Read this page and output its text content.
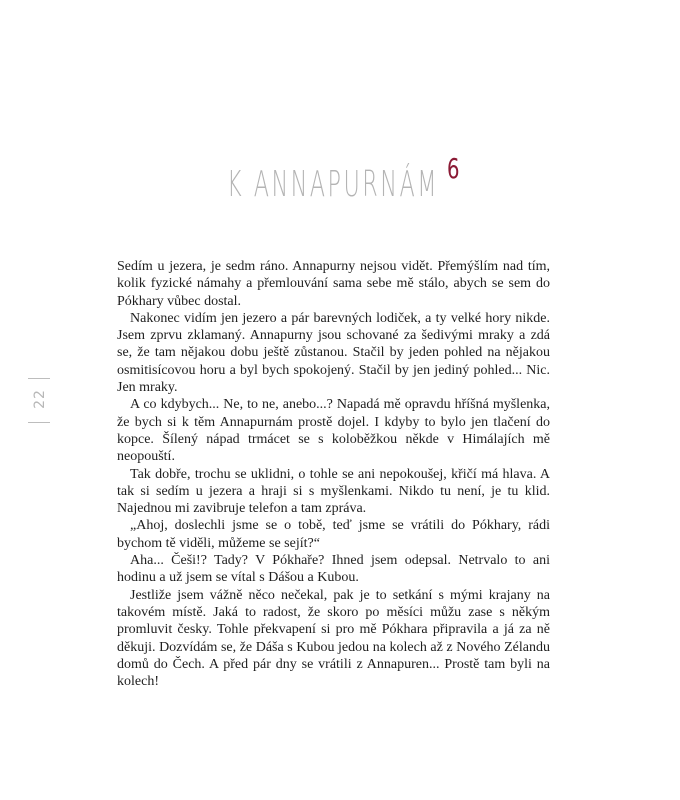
K ANNAPURNÁM 6
22

Sedím u jezera, je sedm ráno. Annapurny nejsou vidět. Přemýšlím nad tím, kolik fyzické námahy a přemlouvání sama sebe mě stálo, abych se sem do Pókhary vůbec dostal.

Nakonec vidím jen jezero a pár barevných lodiček, a ty velké hory nikde. Jsem zprvu zklamaný. Annapurny jsou schované za šedivými mraky a zdá se, že tam nějakou dobu ještě zůstanou. Stačil by jeden pohled na nějakou osmitisícovou horu a byl bych spokojený. Stačil by jen jediný pohled... Nic. Jen mraky.

A co kdybych... Ne, to ne, anebo...? Napadá mě opravdu hříšná myšlenka, že bych si k těm Annapurnám prostě dojel. I kdyby to bylo jen tlačení do kopce. Šílený nápad trmácet se s koloběžkou někde v Himálajích mě neopouští.

Tak dobře, trochu se uklidni, o tohle se ani nepokoušej, křičí má hlava. A tak si sedím u jezera a hraji si s myšlenkami. Nikdo tu není, je tu klid. Najednou mi zavibruje telefon a tam zpráva.

„Ahoj, doslechli jsme se o tobě, teď jsme se vrátili do Pókhary, rádi bychom tě viděli, můžeme se sejít?“

Aha... Češi!? Tady? V Pókhaře? Ihned jsem odepsal. Netrvalo to ani hodinu a už jsem se vítal s Dášou a Kubou.

Jestliže jsem vážně něco nečekal, pak je to setkání s mými krajany na takovém místě. Jaká to radost, že skoro po měsíci můžu zase s někým promluvit česky. Tohle překvapení si pro mě Pókhara připravila a já za ně děkuji. Dozvídám se, že Dáša s Kubou jedou na kolech až z Nového Zélandu domů do Čech. A před pár dny se vrátili z Annapuren... Prostě tam byli na kolech!
